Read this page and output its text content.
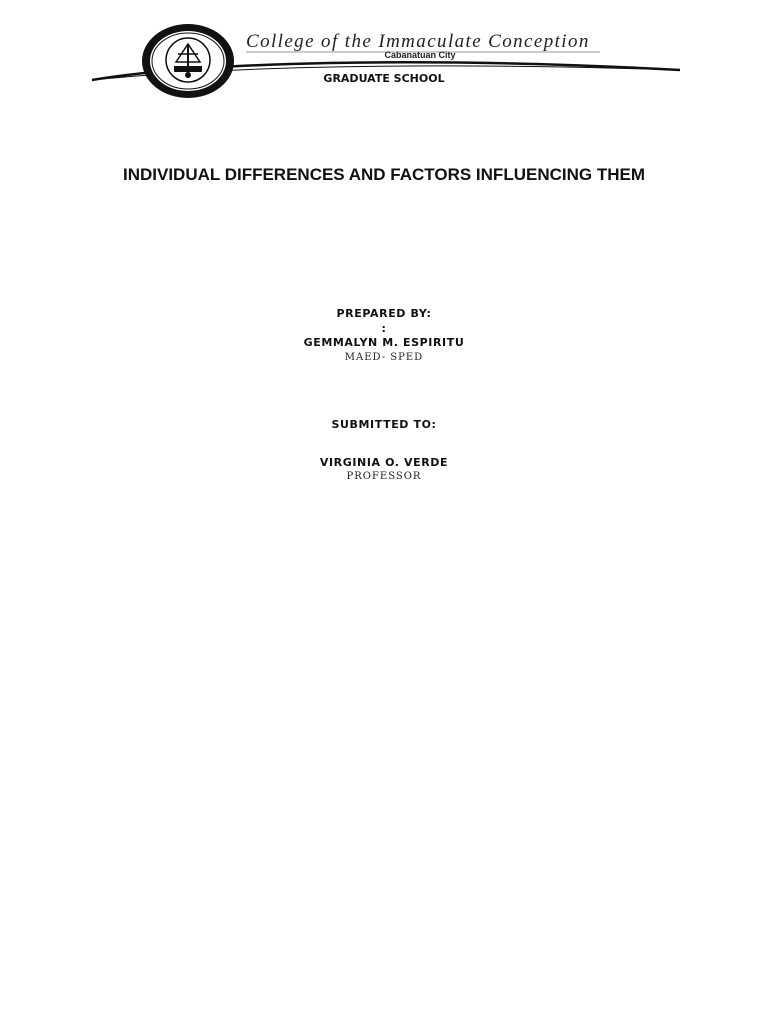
College of the Immaculate Conception
Cabanatuan City
GRADUATE SCHOOL
INDIVIDUAL DIFFERENCES AND FACTORS INFLUENCING THEM
PREPARED BY:
:
GEMMALYN M. ESPIRITU
MAED- SPED
SUBMITTED TO:
VIRGINIA O. VERDE
PROFESSOR
